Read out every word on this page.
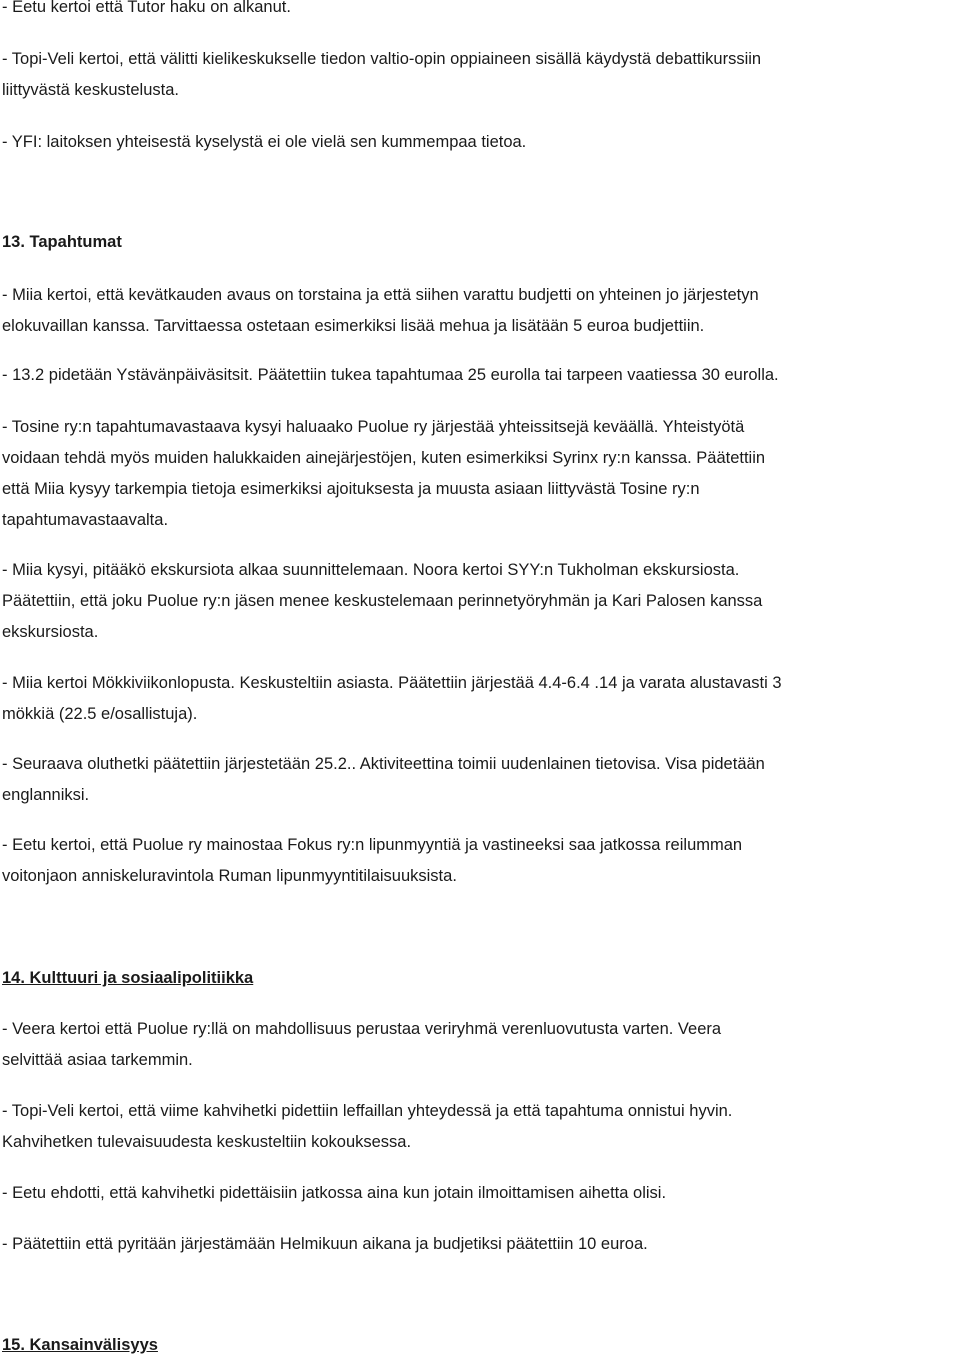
- Eetu kertoi että Tutor haku on alkanut.

- Topi-Veli kertoi, että välitti kielikeskukselle tiedon valtio-opin oppiaineen sisällä käydystä debattikurssiin

liittyvästä keskustelusta.

- YFI: laitoksen yhteisestä kyselystä ei ole vielä sen kummempaa tietoa.

13. Tapahtumat

- Miia kertoi, että kevätkauden avaus on torstaina ja että siihen varattu budjetti on yhteinen jo järjestetyn

elokuvaillan kanssa. Tarvittaessa ostetaan esimerkiksi lisää mehua ja lisätään 5 euroa budjettiin.

- 13.2 pidetään Ystävänpäiväsitsit. Päätettiin tukea tapahtumaa 25 eurolla tai tarpeen vaatiessa 30 eurolla.

- Tosine ry:n tapahtumavastaava kysyi haluaako Puolue ry järjestää yhteissitsejä keväällä. Yhteistyötä

voidaan tehdä myös muiden halukkaiden ainejärjestöjen, kuten esimerkiksi Syrinx ry:n kanssa. Päätettiin

että Miia kysyy tarkempia tietoja esimerkiksi ajoituksesta ja muusta asiaan liittyvästä Tosine ry:n

tapahtumavastaavalta.

- Miia kysyi, pitääkö ekskursiota alkaa suunnittelemaan. Noora kertoi SYY:n Tukholman ekskursiosta.

Päätettiin, että joku Puolue ry:n jäsen menee keskustelemaan perinnetyöryhmän ja Kari Palosen kanssa

ekskursiosta.

- Miia kertoi Mökkiviikonlopusta. Keskusteltiin asiasta. Päätettiin järjestää 4.4-6.4 .14 ja varata alustavasti 3

mökkiä (22.5 e/osallistuja).

- Seuraava oluthetki päätettiin järjestetään 25.2.. Aktiviteettina toimii uudenlainen tietovisa. Visa pidetään

englanniksi.

- Eetu kertoi, että Puolue ry mainostaa Fokus ry:n lipunmyyntiä ja vastineeksi saa jatkossa reilumman

voitonjaon anniskeluravintola Ruman lipunmyyntitilaisuuksista.

14. Kulttuuri ja sosiaalipolitiikka

- Veera kertoi että Puolue ry:llä on mahdollisuus perustaa veriryhmä verenluovutusta varten. Veera

selvittää asiaa tarkemmin.

- Topi-Veli kertoi, että viime kahvihetki pidettiin leffaillan yhteydessä ja että tapahtuma onnistui hyvin.

Kahvihetken tulevaisuudesta keskusteltiin kokouksessa.

- Eetu ehdotti, että kahvihetki pidettäisiin jatkossa aina kun jotain ilmoittamisen aihetta olisi.

- Päätettiin että pyritään järjestämään Helmikuun aikana ja budjetiksi päätettiin 10 euroa.

15. Kansainvälisyys
